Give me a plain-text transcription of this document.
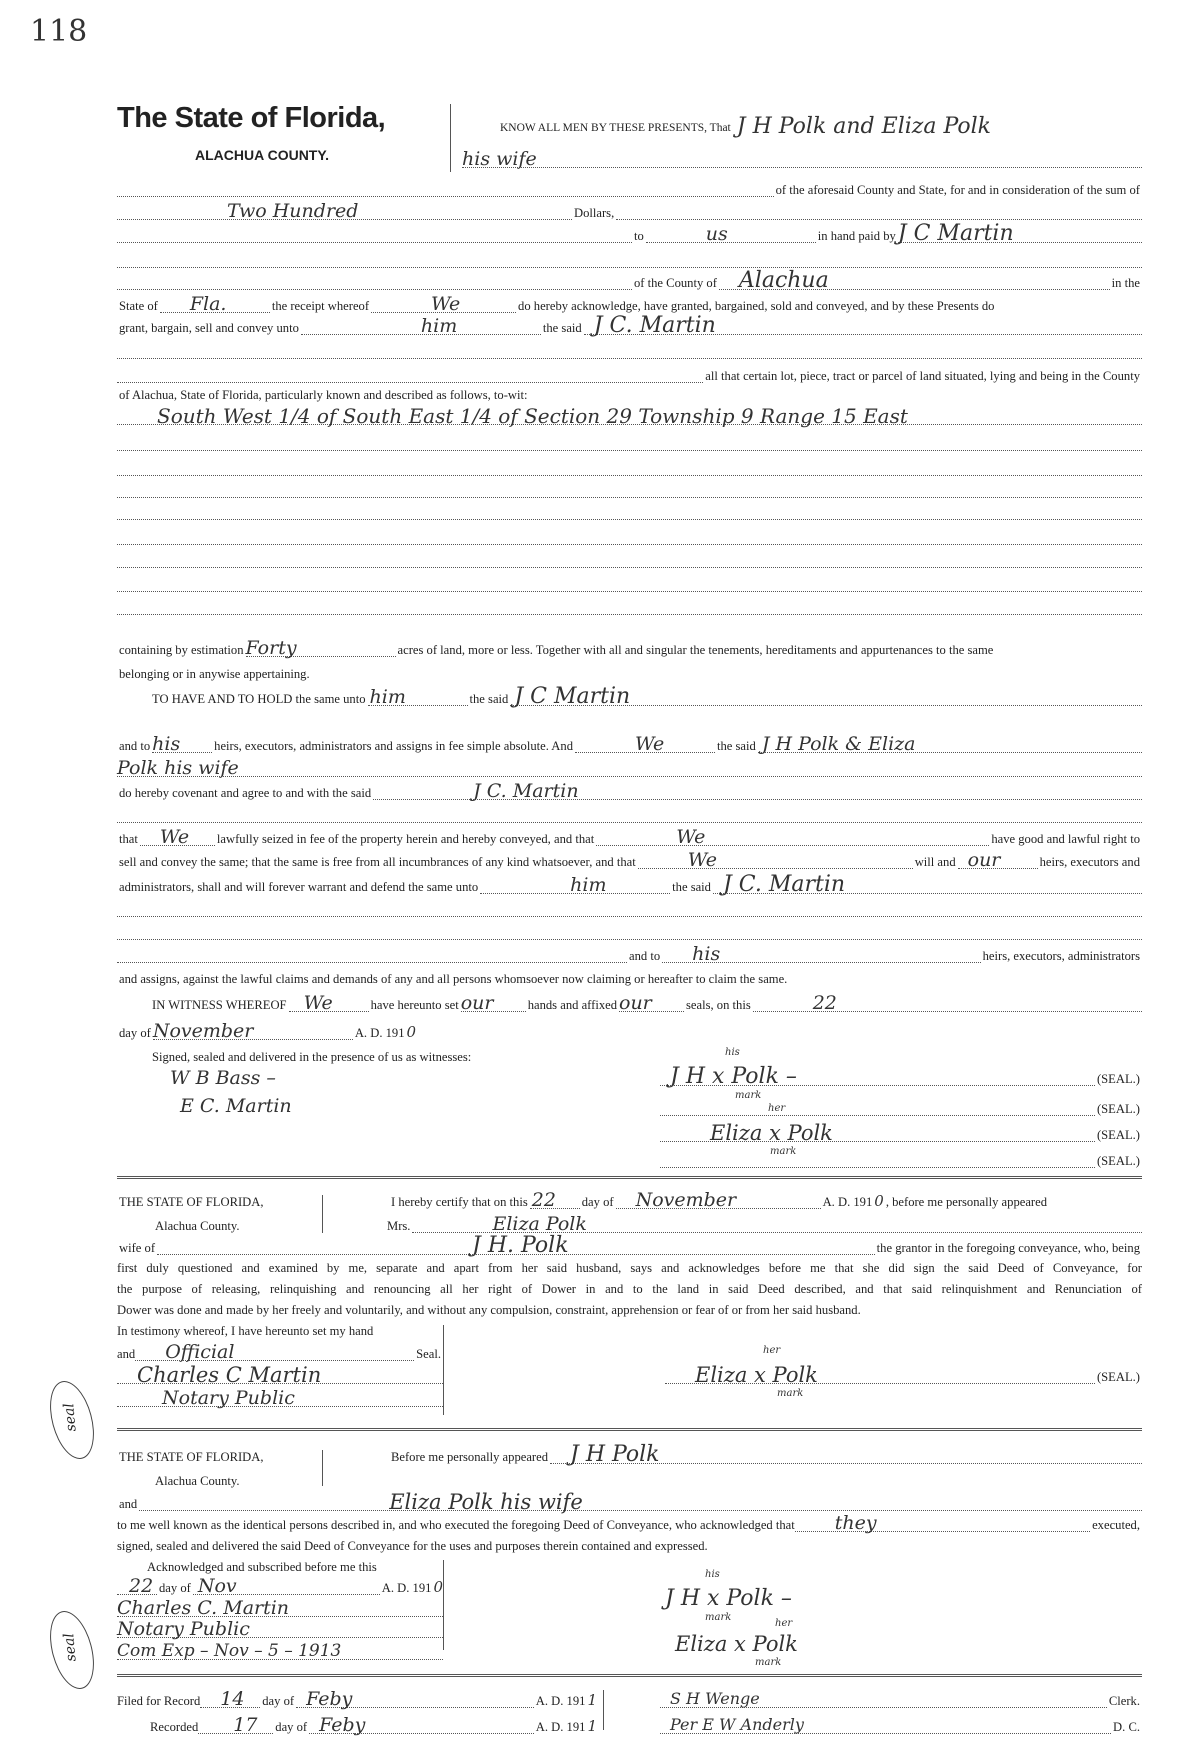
118
The State of Florida,
ALACHUA COUNTY.
KNOW ALL MEN BY THESE PRESENTS, That J H Polk and Eliza Polk
his wife
of the aforesaid County and State, for and in consideration of the sum of
Two Hundred	Dollars,
to	us	in hand paid by J C Martin
of the County of Alachua	in the
State of Fla.	the receipt whereof	We	do hereby acknowledge, have granted, bargained, sold and conveyed, and by these Presents do
grant, bargain, sell and convey unto	him	the said J C. Martin
all that certain lot, piece, tract or parcel of land situated, lying and being in the County
of Alachua, State of Florida, particularly known and described as follows, to-wit:
South West 1/4 of South East 1/4 of Section 29 Township 9 Range 15 East
containing by estimation Forty	acres of land, more or less. Together with all and singular the tenements, hereditaments and appurtenances to the same
belonging or in anywise appertaining.
TO HAVE AND TO HOLD the same unto him	the said J C Martin
and to his	heirs, executors, administrators and assigns in fee simple absolute. And	We	the said J H Polk & Eliza
Polk his wife
do hereby covenant and agree to and with the said	J C. Martin
that We lawfully seized in fee of the property herein and hereby conveyed, and that	We	have good and lawful right to
sell and convey the same; that the same is free from all incumbrances of any kind whatsoever, and that	We	will and our	heirs, executors and
administrators, shall and will forever warrant and defend the same unto	him	the said J C. Martin
and to his	heirs, executors, administrators
and assigns, against the lawful claims and demands of any and all persons whomsoever now claiming or hereafter to claim the same.
IN WITNESS WHEREOF We	have hereunto set our	hands and affixed our	seals, on this	22
day of November	A. D. 191 0
Signed, sealed and delivered in the presence of us as witnesses:
W B Bass –
E C. Martin
J H x Polk –
his
mark
(SEAL.)
(SEAL.)
Eliza x Polk
her
mark
(SEAL.)
(SEAL.)
THE STATE OF FLORIDA,	I hereby certify that on this 22 day of November	A. D. 191 0 , before me personally appeared
Alachua County.	Mrs.	Eliza Polk
wife of	J H. Polk	the grantor in the foregoing conveyance, who, being
first duly questioned and examined by me, separate and apart from her said husband, says and acknowledges before me that she did sign the said Deed of Conveyance, for
the purpose of releasing, relinquishing and renouncing all her right of Dower in and to the land in said Deed described, and that said relinquishment and Renunciation of
Dower was done and made by her freely and voluntarily, and without any compulsion, constraint, apprehension or fear of or from her said husband.
In testimony whereof, I have hereunto set my hand
and Official	Seal.
Charles C Martin
Notary Public
Eliza x Polk
her
mark
(SEAL.)
seal
THE STATE OF FLORIDA,	Before me personally appeared J H Polk
Alachua County.
and	Eliza Polk his wife
to me well known as the identical persons described in, and who executed the foregoing Deed of Conveyance, who acknowledged that they	executed,
signed, sealed and delivered the said Deed of Conveyance for the uses and purposes therein contained and expressed.
Acknowledged and subscribed before me this
22 day of Nov	A. D. 191 0
Charles C. Martin
Notary Public
Com Exp – Nov – 5 – 1913
J H x Polk –
his
mark
Eliza x Polk
her
mark
seal
Filed for Record 14 day of Feby	A. D. 191 1
Recorded 17 day of Feby	A. D. 191 1
S H Wenge	Clerk.
Per E W Anderly	D. C.
